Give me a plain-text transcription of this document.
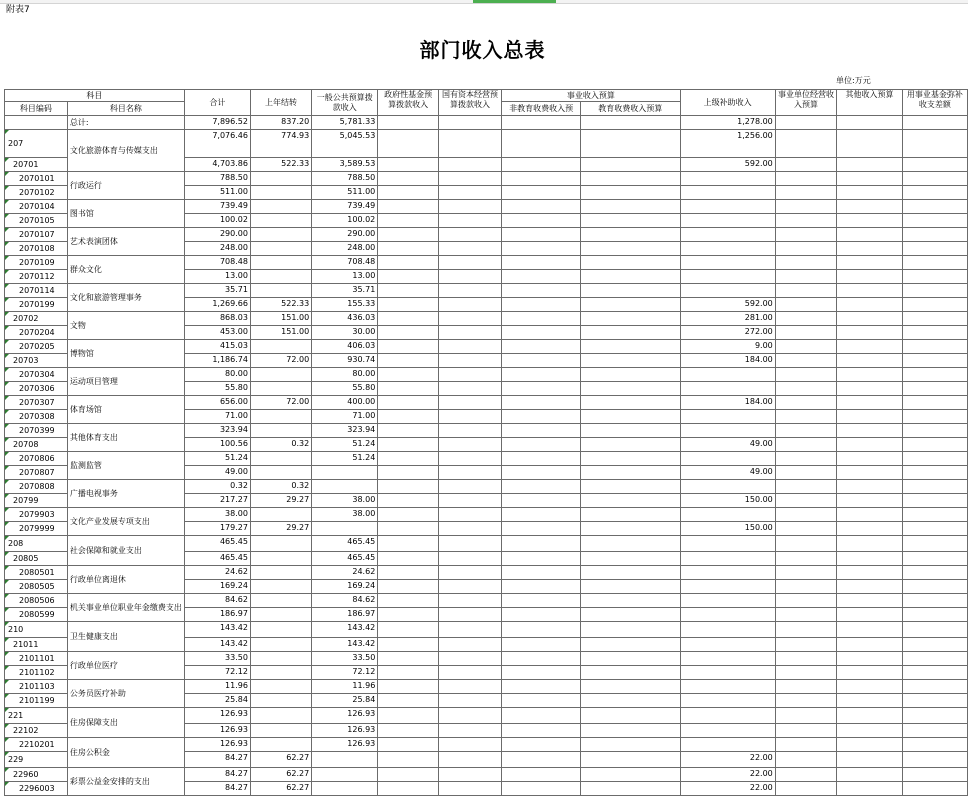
附表7
部门收入总表
单位:万元
科目		合计	上年结转	一般公共预算拨款收入	政府性基金预算拨款收入	国有资本经营预算拨款收入	事业收入预算		上级补助收入	事业单位经营收入预算	其他收入预算	用事业基金弥补收支差额
科目编码	科目名称						非教育收费收入预	教育收费收入预算				
	总计:	7,896.52	837.20	5,781.33					1,278.00			
207	文化旅游体育与传媒支出	7,076.46	774.93	5,045.53					1,256.00			
20701		4,703.86	522.33	3,589.53					592.00			
2070101	行政运行	788.50		788.50								
2070102		511.00		511.00								
2070104	图书馆	739.49		739.49								
2070105		100.02		100.02								
2070107	艺术表演团体	290.00		290.00								
2070108		248.00		248.00								
2070109	群众文化	708.48		708.48								
2070112		13.00		13.00								
2070114	文化和旅游管理事务	35.71		35.71								
2070199		1,269.66	522.33	155.33					592.00			
20702	文物	868.03	151.00	436.03					281.00			
2070204		453.00	151.00	30.00					272.00			
2070205	博物馆	415.03		406.03					9.00			
20703		1,186.74	72.00	930.74					184.00			
2070304	运动项目管理	80.00		80.00								
2070306		55.80		55.80								
2070307	体育场馆	656.00	72.00	400.00					184.00			
2070308		71.00		71.00								
2070399	其他体育支出	323.94		323.94								
20708		100.56	0.32	51.24					49.00			
2070806	监测监管	51.24		51.24								
2070807		49.00							49.00			
2070808	广播电视事务	0.32	0.32									
20799		217.27	29.27	38.00					150.00			
2079903	文化产业发展专项支出	38.00		38.00								
2079999		179.27	29.27						150.00			
208	社会保障和就业支出	465.45		465.45								
20805		465.45		465.45								
2080501	行政单位离退休	24.62		24.62								
2080505		169.24		169.24								
2080506	机关事业单位职业年金缴费支出	84.62		84.62								
2080599		186.97		186.97								
210	卫生健康支出	143.42		143.42								
21011		143.42		143.42								
2101101	行政单位医疗	33.50		33.50								
2101102		72.12		72.12								
2101103	公务员医疗补助	11.96		11.96								
2101199		25.84		25.84								
221	住房保障支出	126.93		126.93								
22102		126.93		126.93								
2210201	住房公积金	126.93		126.93								
229		84.27	62.27						22.00			
22960	彩票公益金安排的支出	84.27	62.27						22.00			
2296003		84.27	62.27						22.00			
